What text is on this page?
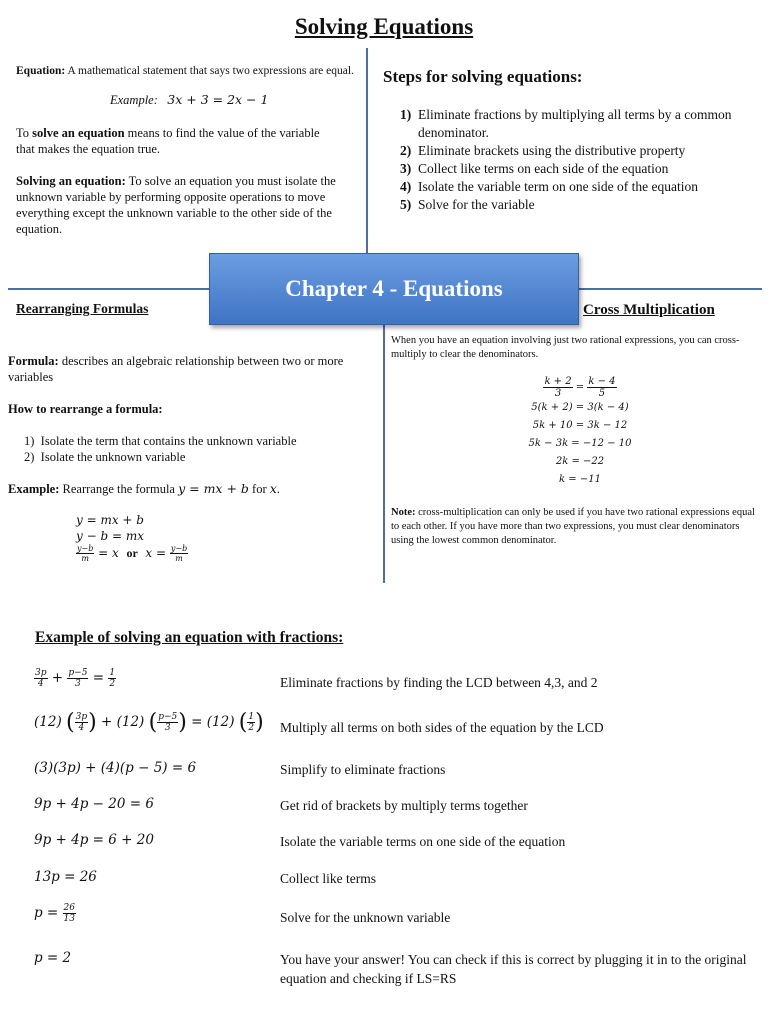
Solving Equations
Equation: A mathematical statement that says two expressions are equal.
Example: 3x + 3 = 2x − 1
To solve an equation means to find the value of the variable that makes the equation true.
Solving an equation: To solve an equation you must isolate the unknown variable by performing opposite operations to move everything except the unknown variable to the other side of the equation.
Steps for solving equations:
1) Eliminate fractions by multiplying all terms by a common denominator.
2) Eliminate brackets using the distributive property
3) Collect like terms on each side of the equation
4) Isolate the variable term on one side of the equation
5) Solve for the variable
Chapter 4 - Equations
Rearranging Formulas
Formula: describes an algebraic relationship between two or more variables
How to rearrange a formula:
1) Isolate the term that contains the unknown variable
2) Isolate the unknown variable
Example: Rearrange the formula y = mx + b for x.
y = mx + b
y − b = mx
$\frac{y-b}{m} = x$ or $x = \frac{y-b}{m}$
Cross Multiplication
When you have an equation involving just two rational expressions, you can cross-multiply to clear the denominators.
$\frac{k + 2}{3} = \frac{k - 4}{5}$
5(k + 2) = 3(k − 4)
5k + 10 = 3k − 12
5k − 3k = −12 − 10
2k = −22
k = −11
Note: cross-multiplication can only be used if you have two rational expressions equal to each other. If you have more than two expressions, you must clear denominators using the lowest common denominator.
Example of solving an equation with fractions:
$\frac{3p}{4} + \frac{p-5}{3} = \frac{1}{2}$	Eliminate fractions by finding the LCD between 4,3, and 2
(12) ( $\frac{3p}{4}$ ) + (12) ( $\frac{p-5}{3}$ ) = (12) ( $\frac{1}{2}$ ) Multiply all terms on both sides of the equation by the LCD
(3)(3p) + (4)(p − 5) = 6	Simplify to eliminate fractions
9p + 4p − 20 = 6	Get rid of brackets by multiply terms together
9p + 4p = 6 + 20	Isolate the variable terms on one side of the equation
13p = 26	Collect like terms
$p = \frac{26}{13}$	Solve for the unknown variable
p = 2	You have your answer! You can check if this is correct by plugging it in to the original equation and checking if LS=RS
